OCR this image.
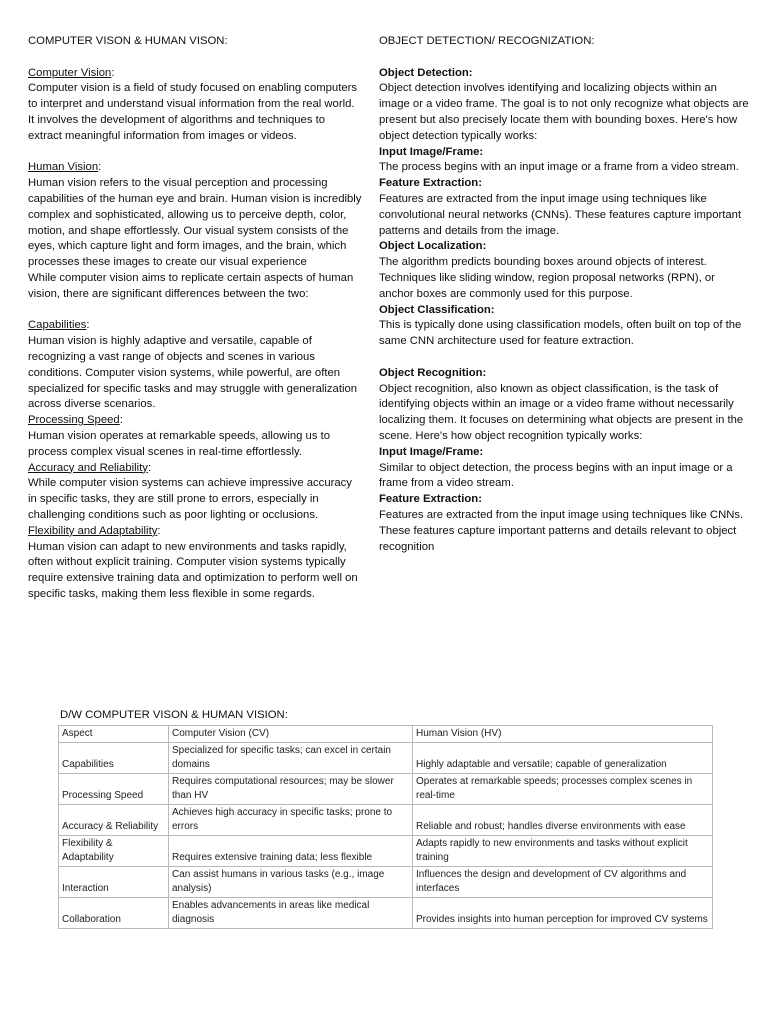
COMPUTER VISON & HUMAN VISON:
Computer Vision:

Computer vision is a field of study focused on enabling computers to interpret and understand visual information from the real world. It involves the development of algorithms and techniques to extract meaningful information from images or videos.

Human Vision:

Human vision refers to the visual perception and processing capabilities of the human eye and brain. Human vision is incredibly complex and sophisticated, allowing us to perceive depth, color, motion, and shape effortlessly. Our visual system consists of the eyes, which capture light and form images, and the brain, which processes these images to create our visual experience

While computer vision aims to replicate certain aspects of human vision, there are significant differences between the two:

Capabilities:

Human vision is highly adaptive and versatile, capable of recognizing a vast range of objects and scenes in various conditions. Computer vision systems, while powerful, are often specialized for specific tasks and may struggle with generalization across diverse scenarios.

Processing Speed:

Human vision operates at remarkable speeds, allowing us to process complex visual scenes in real-time effortlessly.

Accuracy and Reliability:

While computer vision systems can achieve impressive accuracy in specific tasks, they are still prone to errors, especially in challenging conditions such as poor lighting or occlusions.

Flexibility and Adaptability:

Human vision can adapt to new environments and tasks rapidly, often without explicit training. Computer vision systems typically require extensive training data and optimization to perform well on specific tasks, making them less flexible in some regards.

OBJECT DETECTION/ RECOGNIZATION:
Object Detection:

Object detection involves identifying and localizing objects within an image or a video frame. The goal is to not only recognize what objects are present but also precisely locate them with bounding boxes. Here's how object detection typically works:

Input Image/Frame:

The process begins with an input image or a frame from a video stream.

Feature Extraction:

Features are extracted from the input image using techniques like convolutional neural networks (CNNs). These features capture important patterns and details from the image.

Object Localization:

The algorithm predicts bounding boxes around objects of interest. Techniques like sliding window, region proposal networks (RPN), or anchor boxes are commonly used for this purpose.

Object Classification:

This is typically done using classification models, often built on top of the same CNN architecture used for feature extraction.

Object Recognition:

Object recognition, also known as object classification, is the task of identifying objects within an image or a video frame without necessarily localizing them. It focuses on determining what objects are present in the scene. Here's how object recognition typically works:

Input Image/Frame:

Similar to object detection, the process begins with an input image or a frame from a video stream.

Feature Extraction:

Features are extracted from the input image using techniques like CNNs. These features capture important patterns and details relevant to object recognition

D/W COMPUTER VISON & HUMAN VISION:
Aspect	Computer Vision (CV)	Human Vision (HV)
Capabilities	Specialized for specific tasks; can excel in certain domains	Highly adaptable and versatile; capable of generalization
Processing Speed	Requires computational resources; may be slower than HV	Operates at remarkable speeds; processes complex scenes in real-time
Accuracy & Reliability	Achieves high accuracy in specific tasks; prone to errors	Reliable and robust; handles diverse environments with ease
Flexibility & Adaptability	Requires extensive training data; less flexible	Adapts rapidly to new environments and tasks without explicit training
Interaction	Can assist humans in various tasks (e.g., image analysis)	Influences the design and development of CV algorithms and interfaces
Collaboration	Enables advancements in areas like medical diagnosis	Provides insights into human perception for improved CV systems
